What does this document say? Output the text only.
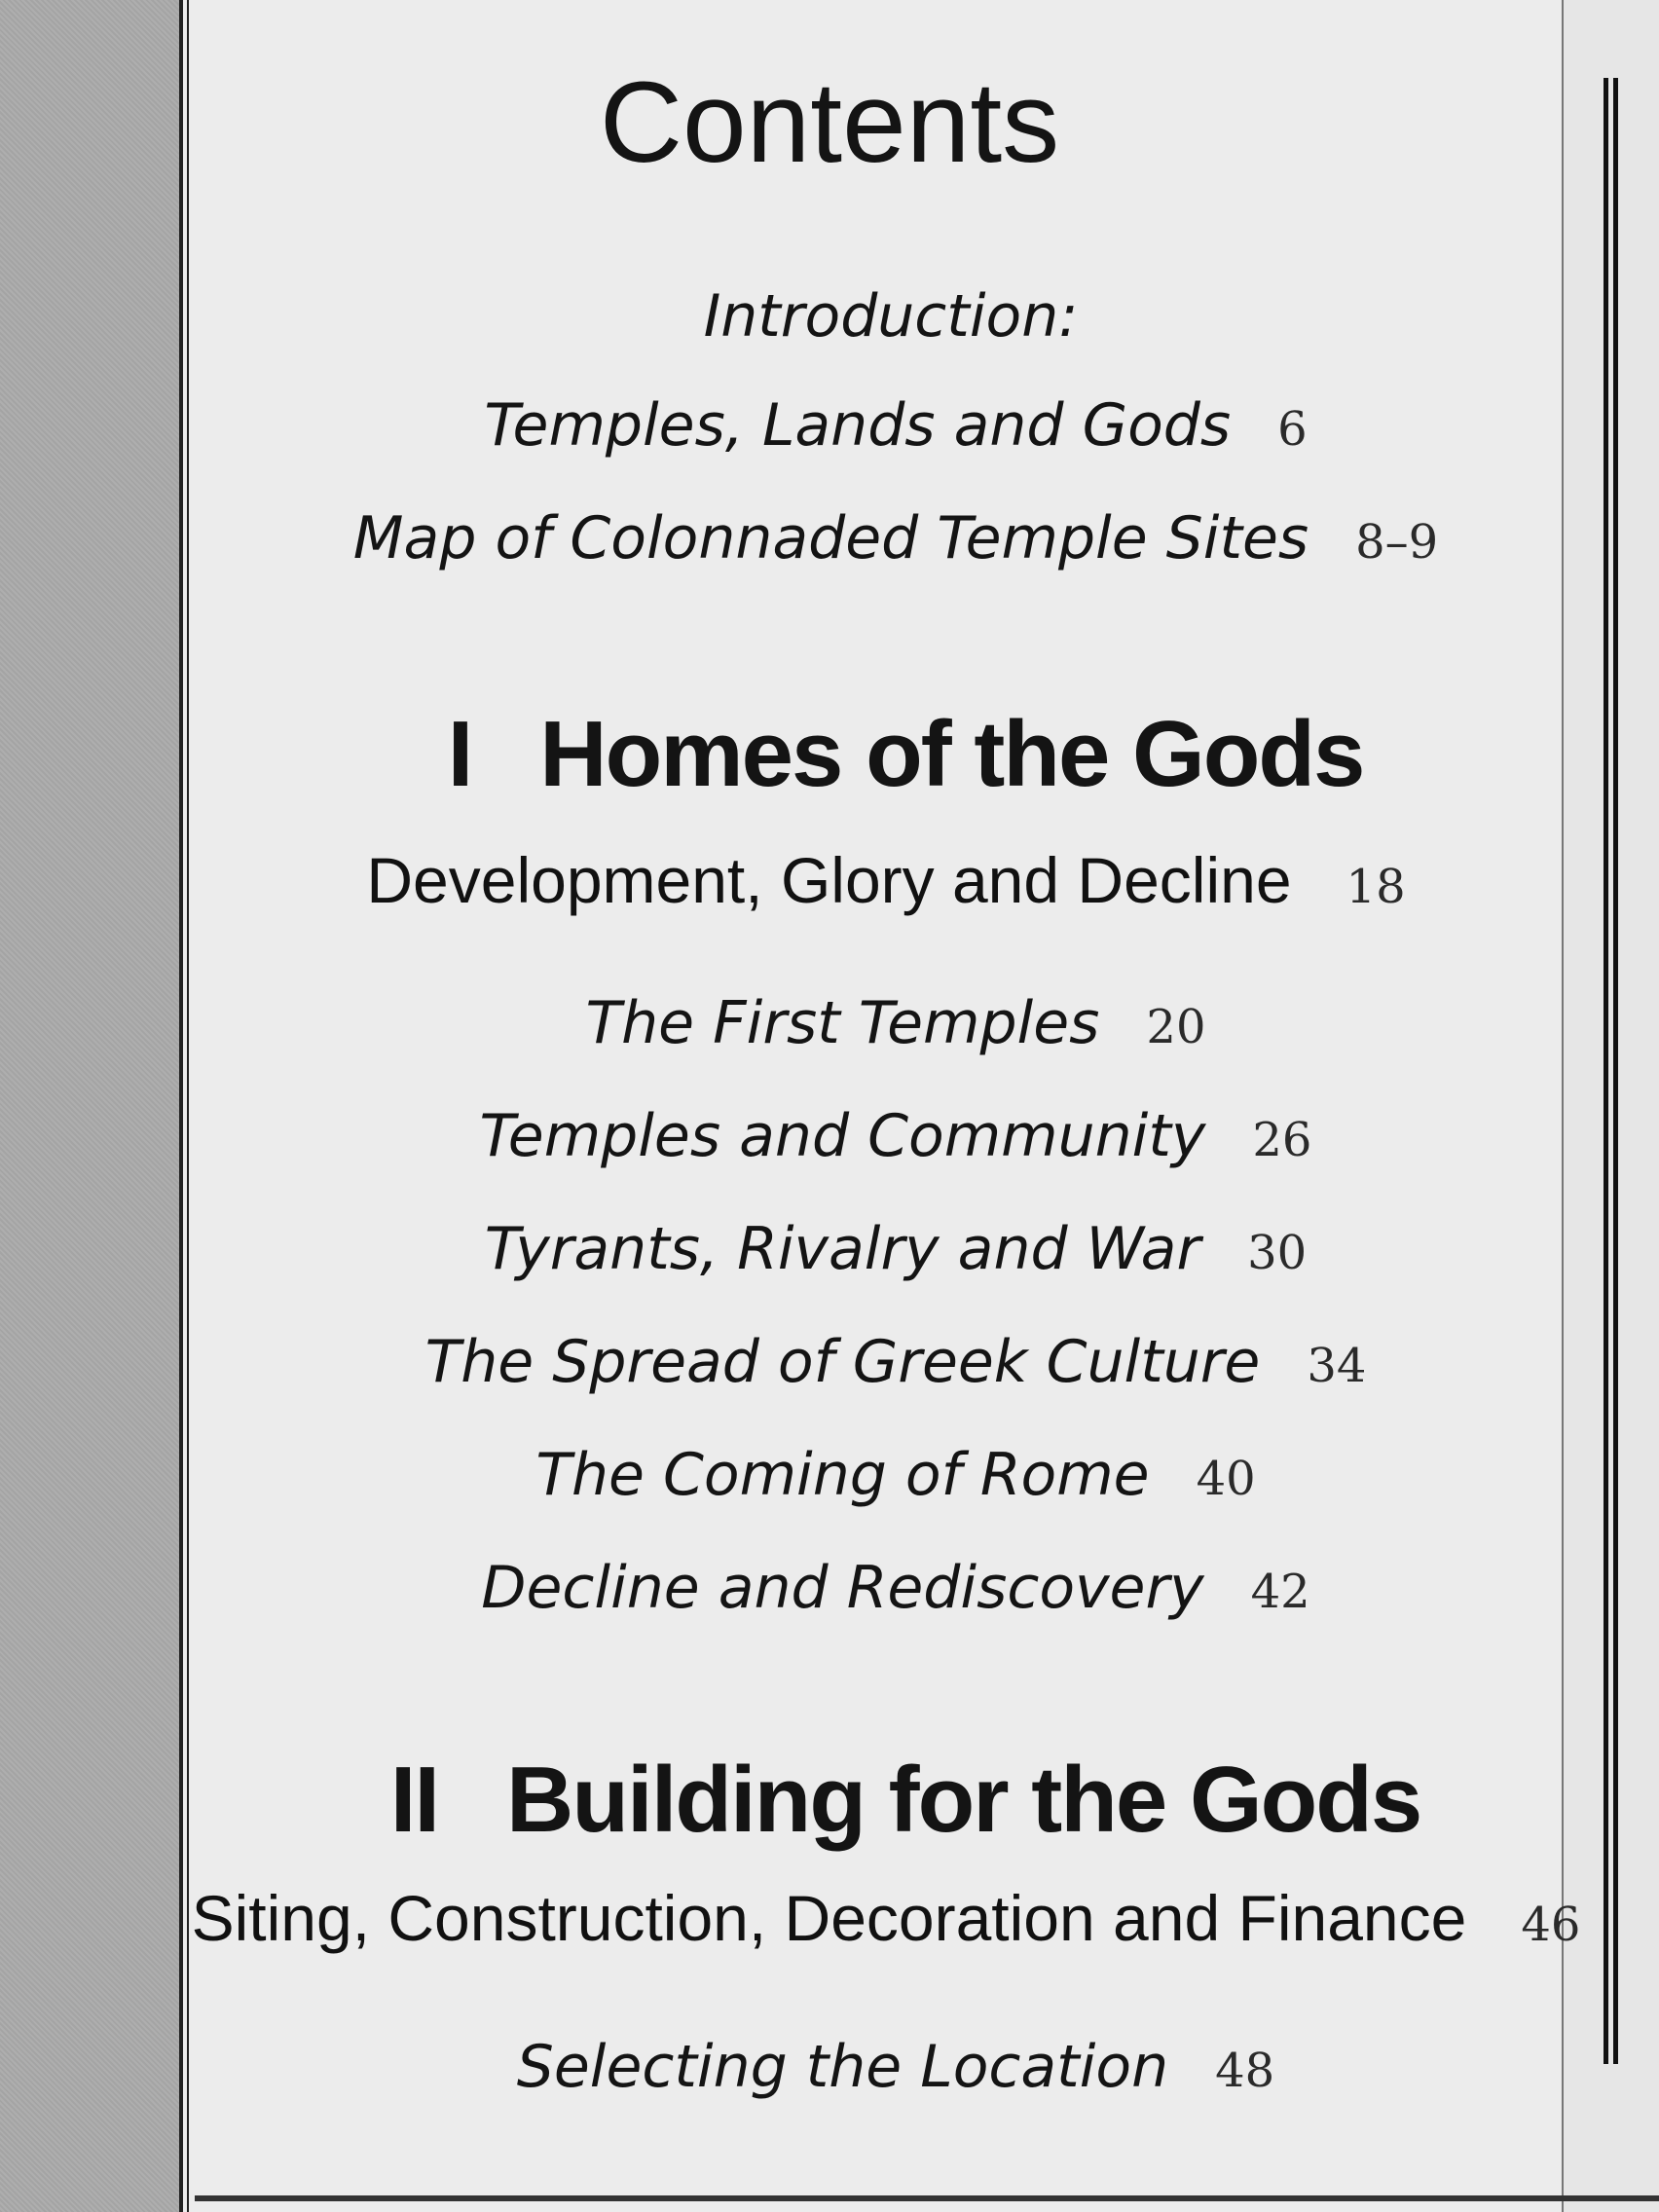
Contents
Introduction:
Temples, Lands and Gods 6
Map of Colonnaded Temple Sites 8–9
I Homes of the Gods
Development, Glory and Decline 18
The First Temples 20
Temples and Community 26
Tyrants, Rivalry and War 30
The Spread of Greek Culture 34
The Coming of Rome 40
Decline and Rediscovery 42
II Building for the Gods
Siting, Construction, Decoration and Finance 46
Selecting the Location 48
